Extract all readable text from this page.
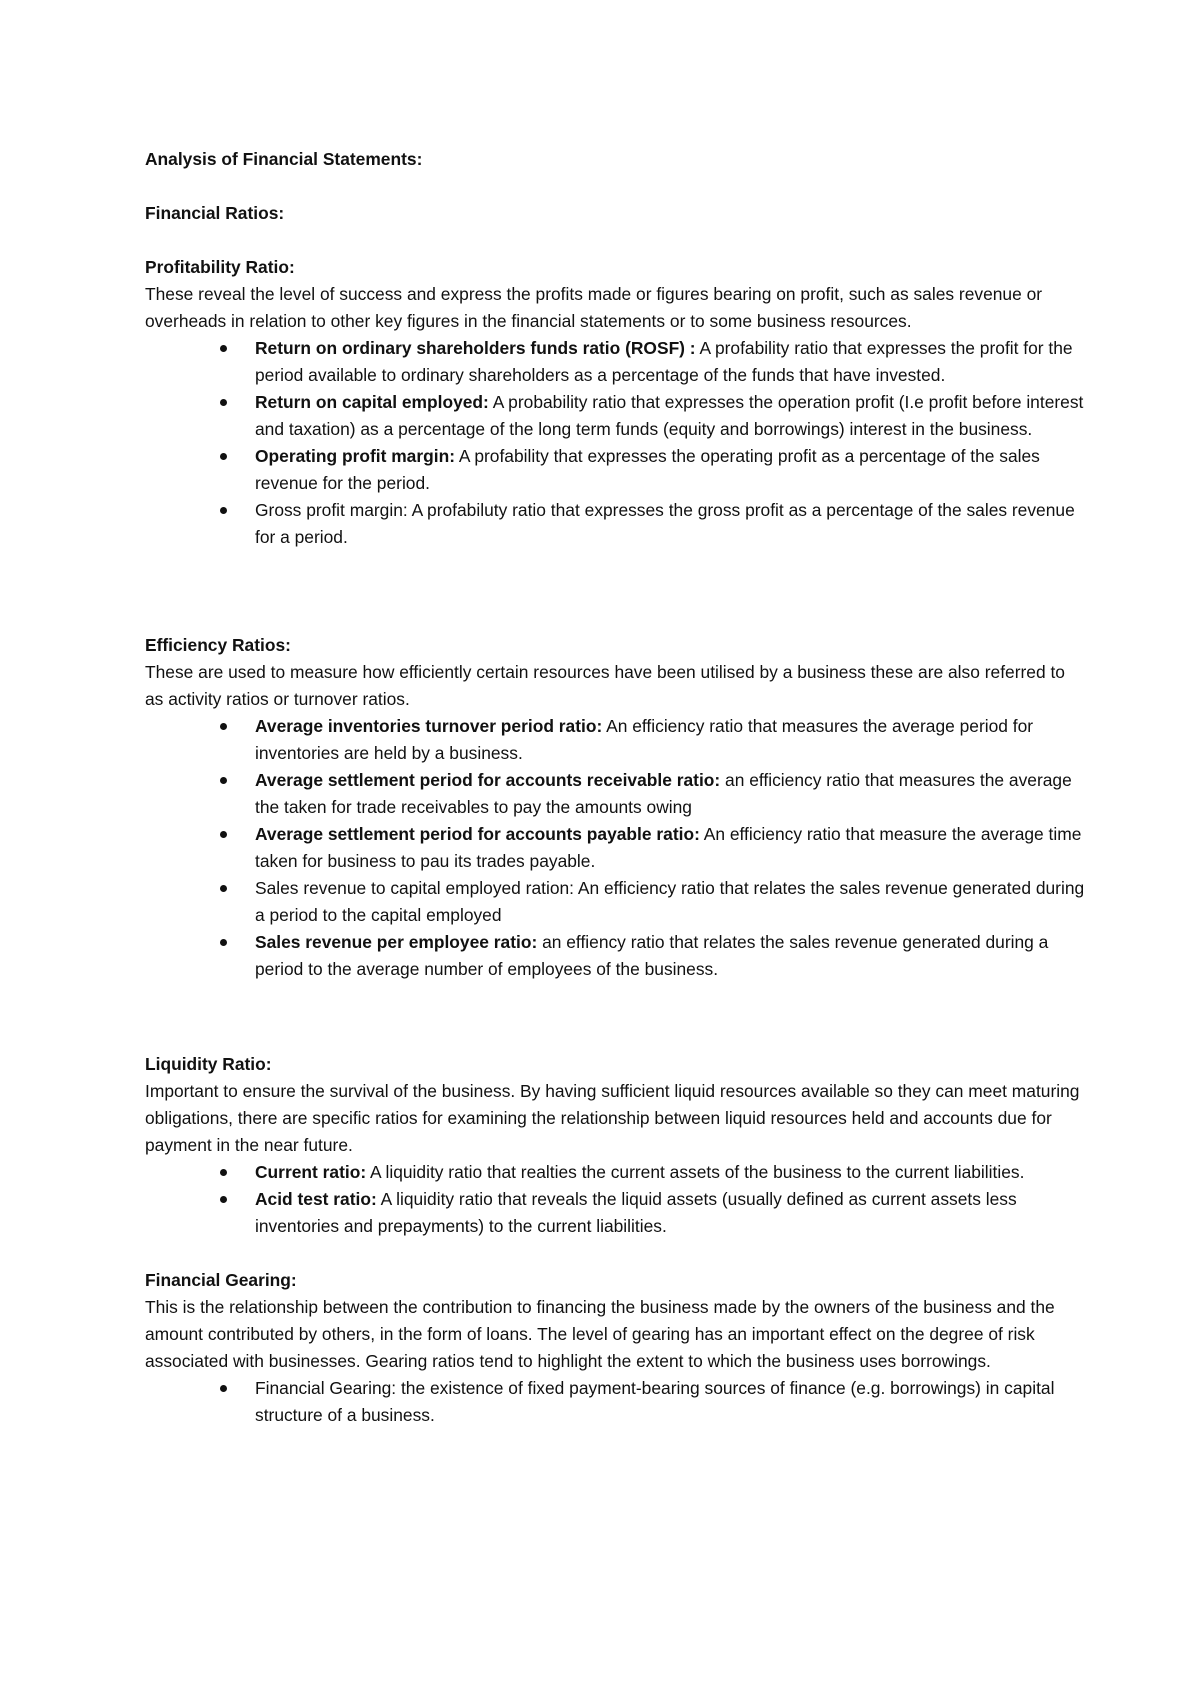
Analysis of Financial Statements:

Financial Ratios:

Profitability Ratio:

These reveal the level of success and express the profits made or figures bearing on profit, such as sales revenue or overheads in relation to other key figures in the financial statements or to some business resources.

Return on ordinary shareholders funds ratio (ROSF) : A profability ratio that expresses the profit for the period available to ordinary shareholders as a percentage of the funds that have invested.
Return on capital employed: A probability ratio that expresses the operation profit (I.e profit before interest and taxation) as a percentage of the long term funds (equity and borrowings) interest in the business.
Operating profit margin: A profability that expresses the operating profit as a percentage of the sales revenue for the period.
Gross profit margin: A profabiluty ratio that expresses the gross profit as a percentage of the sales revenue for a period.

Efficiency Ratios:

These are used to measure how efficiently certain resources have been utilised by a business these are also referred to as activity ratios or turnover ratios.

Average inventories turnover period ratio: An efficiency ratio that measures the average period for inventories are held by a business.
Average settlement period for accounts receivable ratio: an efficiency ratio that measures the average the taken for trade receivables to pay the amounts owing
Average settlement period for accounts payable ratio: An efficiency ratio that measure the average time taken for business to pau its trades payable.
Sales revenue to capital employed ration: An efficiency ratio that relates the sales revenue generated during a period to the capital employed
Sales revenue per employee ratio: an effiency ratio that relates the sales revenue generated during a period to the average number of employees of the business.

Liquidity Ratio:

Important to ensure the survival of the business. By having sufficient liquid resources available so they can meet maturing obligations, there are specific ratios for examining the relationship between liquid resources held and accounts due for payment in the near future.

Current ratio: A liquidity ratio that realties the current assets of the business to the current liabilities.
Acid test ratio: A liquidity ratio that reveals the liquid assets (usually defined as current assets less inventories and prepayments) to the current liabilities.

Financial Gearing:

This is the relationship between the contribution to financing the business made by the owners of the business and the amount contributed by others, in the form of loans. The level of gearing has an important effect on the degree of risk associated with businesses. Gearing ratios tend to highlight the extent to which the business uses borrowings.

Financial Gearing: the existence of fixed payment-bearing sources of finance (e.g. borrowings) in capital structure of a business.
